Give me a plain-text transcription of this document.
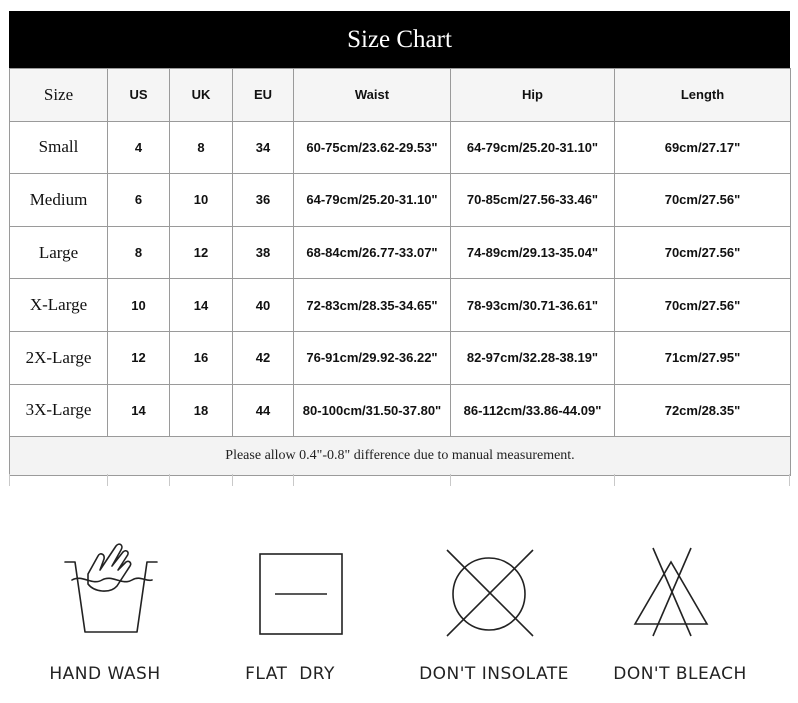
Size Chart
Size	US	UK	EU	Waist	Hip	Length
Small	4	8	34	60-75cm/23.62-29.53"	64-79cm/25.20-31.10"	69cm/27.17"
Medium	6	10	36	64-79cm/25.20-31.10"	70-85cm/27.56-33.46"	70cm/27.56"
Large	8	12	38	68-84cm/26.77-33.07"	74-89cm/29.13-35.04"	70cm/27.56"
X-Large	10	14	40	72-83cm/28.35-34.65"	78-93cm/30.71-36.61"	70cm/27.56"
2X-Large	12	16	42	76-91cm/29.92-36.22"	82-97cm/32.28-38.19"	71cm/27.95"
3X-Large	14	18	44	80-100cm/31.50-37.80"	86-112cm/33.86-44.09"	72cm/28.35"
Please allow 0.4"-0.8" difference due to manual measurement.						
HAND WASH	FLAT  DRY	DON'T INSOLATE	DON'T BLEACH
